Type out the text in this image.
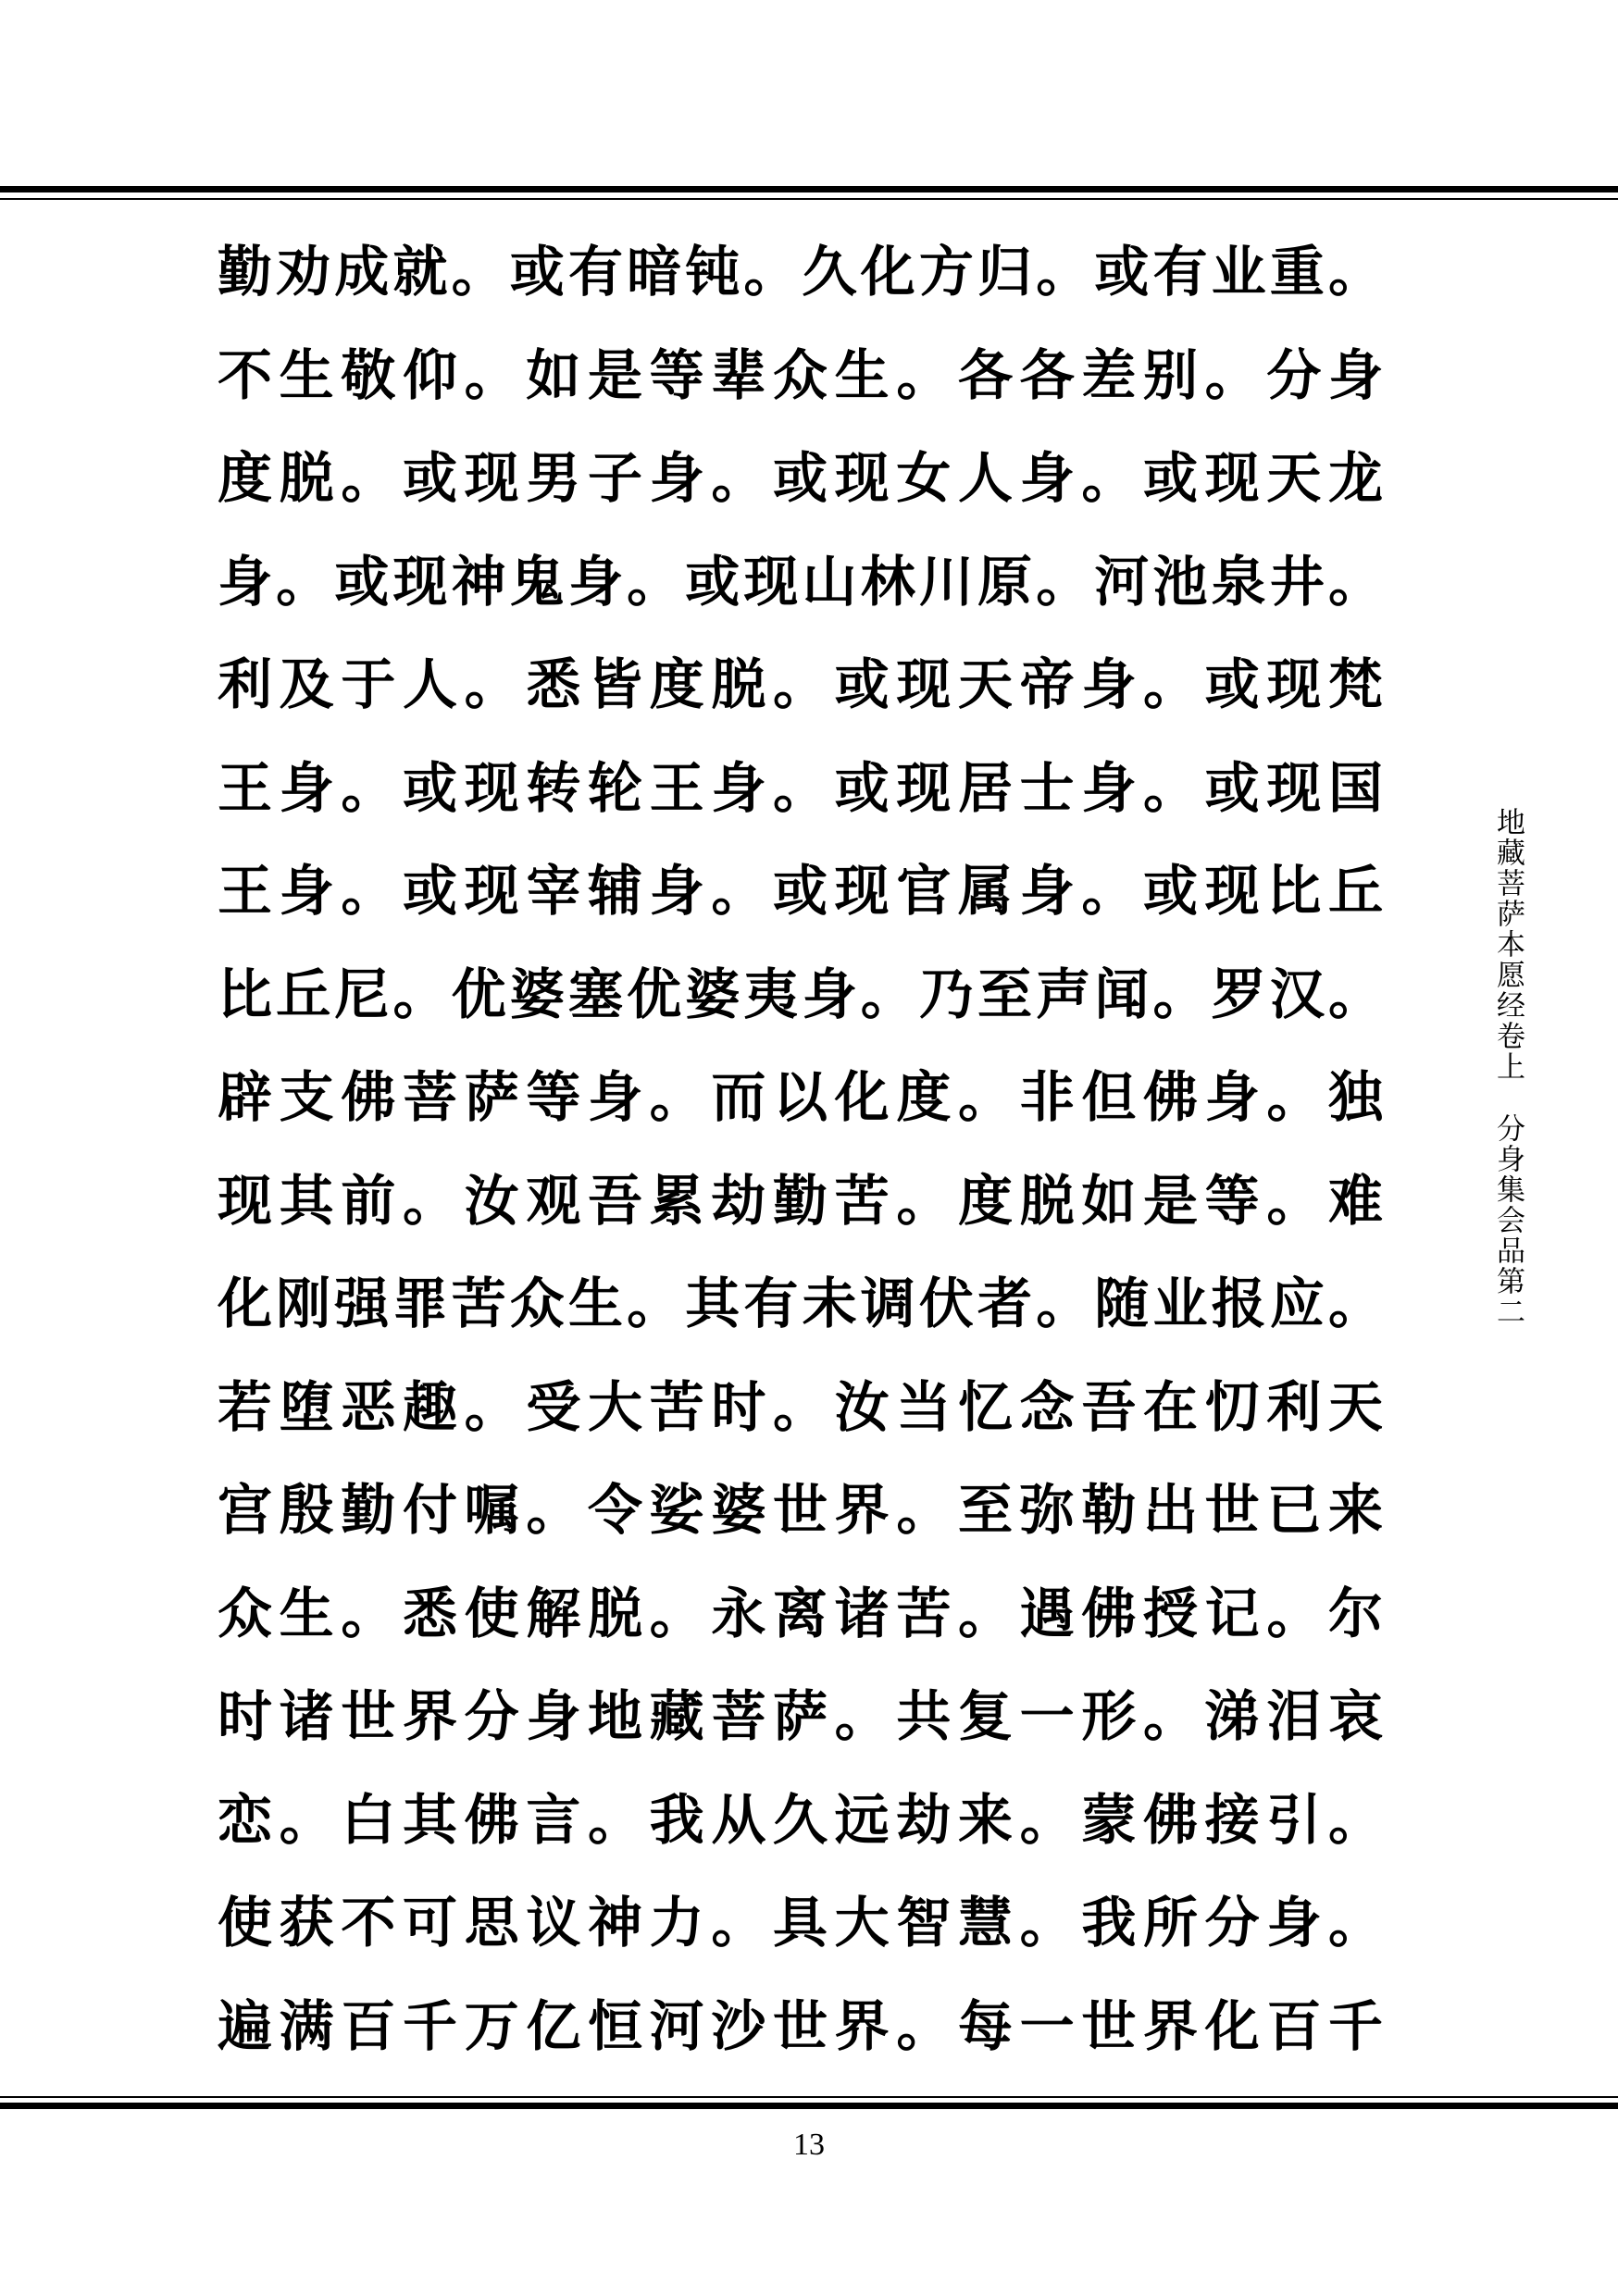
勤劝成就。或有暗钝。久化方归。或有业重。
不生敬仰。如是等辈众生。各各差别。分身
度脱。或现男子身。或现女人身。或现天龙
身。或现神鬼身。或现山林川原。河池泉井。
利及于人。悉皆度脱。或现天帝身。或现梵
王身。或现转轮王身。或现居士身。或现国
王身。或现宰辅身。或现官属身。或现比丘
比丘尼。优婆塞优婆夷身。乃至声闻。罗汉。
辟支佛菩萨等身。而以化度。非但佛身。独
现其前。汝观吾累劫勤苦。度脱如是等。难
化刚强罪苦众生。其有未调伏者。随业报应。
若堕恶趣。受大苦时。汝当忆念吾在忉利天
宫殷勤付嘱。令娑婆世界。至弥勒出世已来
众生。悉使解脱。永离诸苦。遇佛授记。尔
时诸世界分身地藏菩萨。共复一形。涕泪哀
恋。白其佛言。我从久远劫来。蒙佛接引。
使获不可思议神力。具大智慧。我所分身。
遍满百千万亿恒河沙世界。每一世界化百千
地藏菩萨本愿经卷上分身集会品第二
13
